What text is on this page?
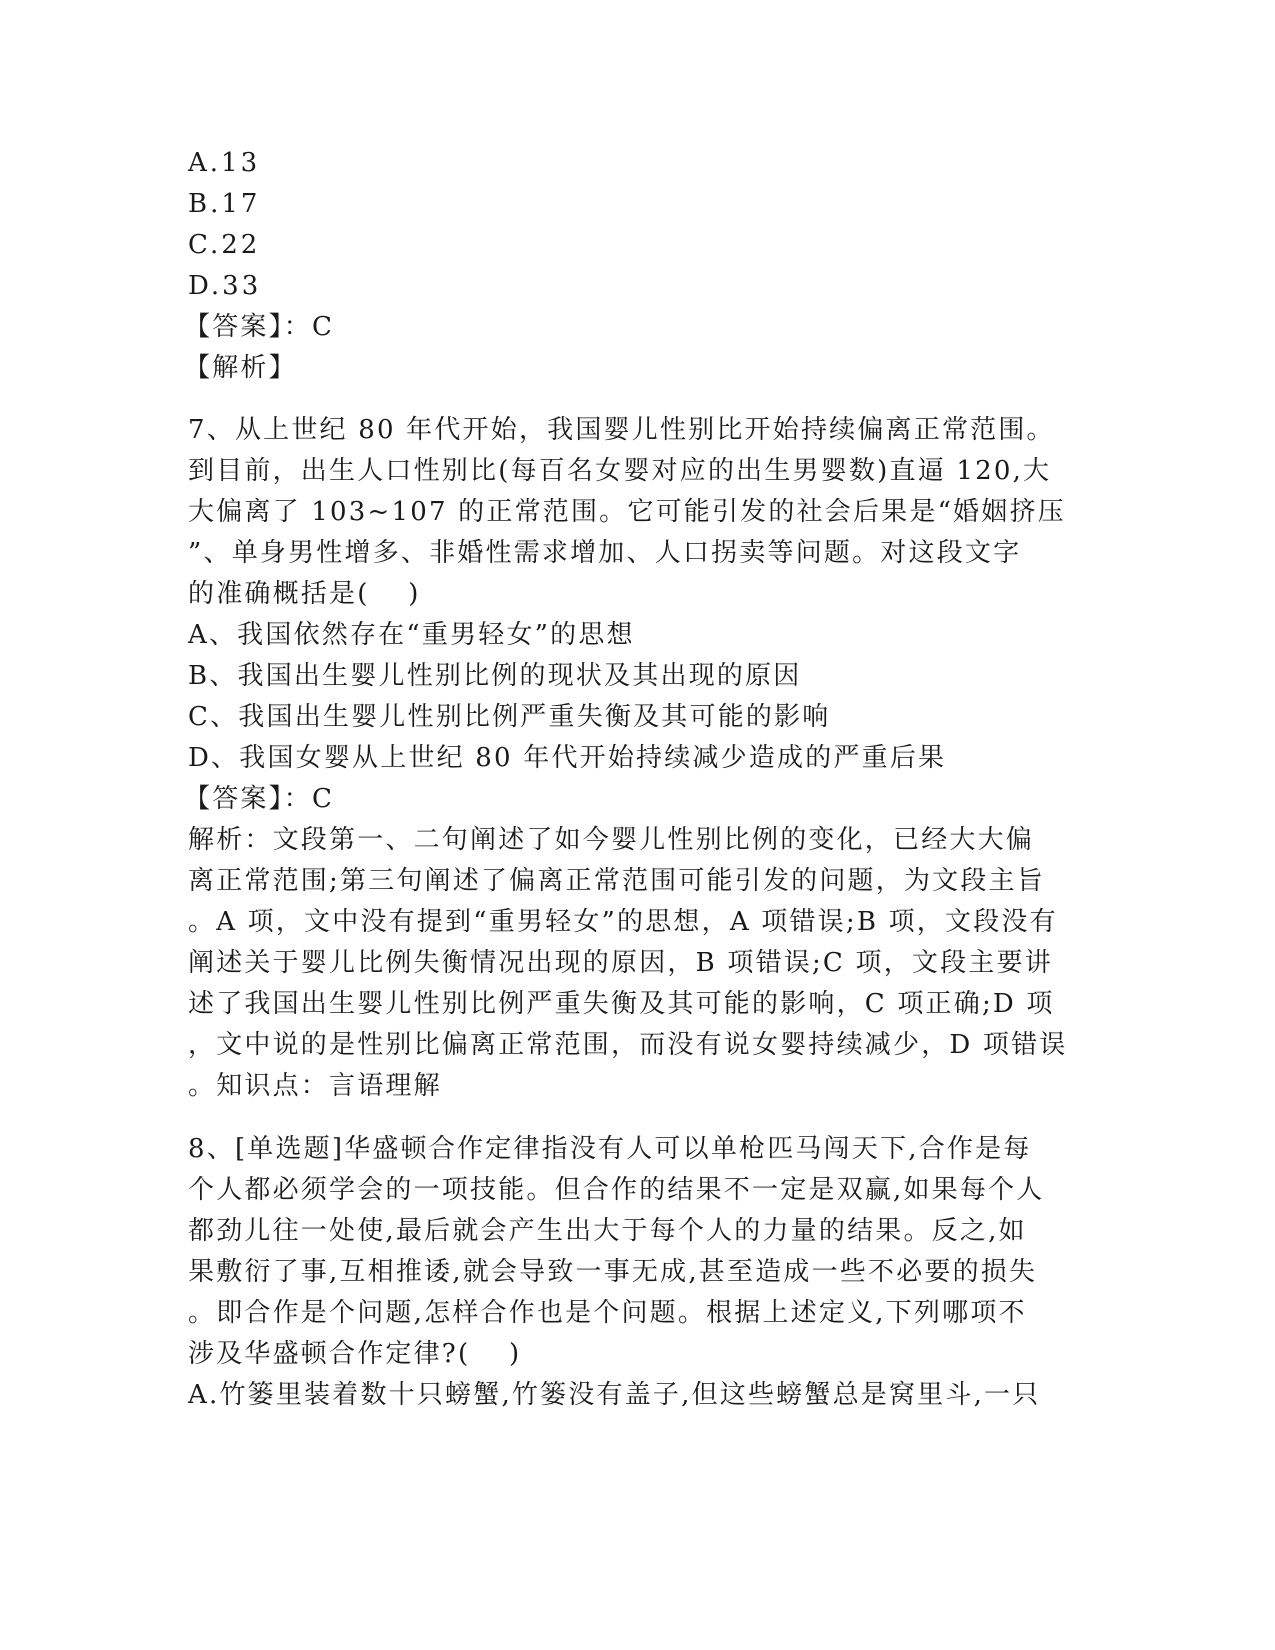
A.13

B.17

C.22

D.33

【答案】：C

【解析】

7、从上世纪 80 年代开始，我国婴儿性别比开始持续偏离正常范围。

到目前，出生人口性别比(每百名女婴对应的出生男婴数)直逼 120,大

大偏离了 103~107 的正常范围。它可能引发的社会后果是“婚姻挤压

”、单身男性增多、非婚性需求增加、人口拐卖等问题。对这段文字

的准确概括是(　 )

A、我国依然存在“重男轻女”的思想

B、我国出生婴儿性别比例的现状及其出现的原因

C、我国出生婴儿性别比例严重失衡及其可能的影响

D、我国女婴从上世纪 80 年代开始持续减少造成的严重后果

【答案】：C

解析：文段第一、二句阐述了如今婴儿性别比例的变化，已经大大偏

离正常范围;第三句阐述了偏离正常范围可能引发的问题，为文段主旨

。A 项，文中没有提到“重男轻女”的思想，A 项错误;B 项，文段没有

阐述关于婴儿比例失衡情况出现的原因，B 项错误;C 项，文段主要讲

述了我国出生婴儿性别比例严重失衡及其可能的影响，C 项正确;D 项

，文中说的是性别比偏离正常范围，而没有说女婴持续减少，D 项错误

。知识点：言语理解

8、[单选题]华盛顿合作定律指没有人可以单枪匹马闯天下,合作是每

个人都必须学会的一项技能。但合作的结果不一定是双赢,如果每个人

都劲儿往一处使,最后就会产生出大于每个人的力量的结果。反之,如

果敷衍了事,互相推诿,就会导致一事无成,甚至造成一些不必要的损失

。即合作是个问题,怎样合作也是个问题。根据上述定义,下列哪项不

涉及华盛顿合作定律?(　 )

A.竹篓里装着数十只螃蟹,竹篓没有盖子,但这些螃蟹总是窝里斗,一只
